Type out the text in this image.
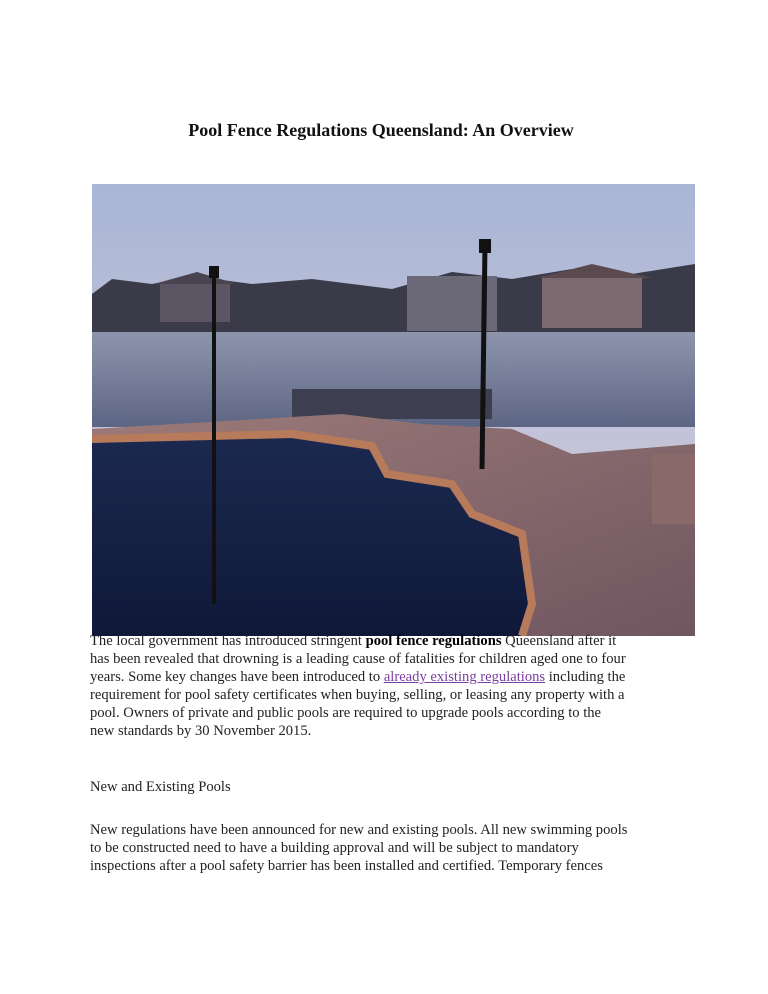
Pool Fence Regulations Queensland: An Overview
The local government has introduced stringent pool fence regulations Queensland after it
has been revealed that drowning is a leading cause of fatalities for children aged one to four
years. Some key changes have been introduced to already existing regulations including the
requirement for pool safety certificates when buying, selling, or leasing any property with a
pool. Owners of private and public pools are required to upgrade pools according to the
new standards by 30 November 2015.
New and Existing Pools
New regulations have been announced for new and existing pools. All new swimming pools
to be constructed need to have a building approval and will be subject to mandatory
inspections after a pool safety barrier has been installed and certified. Temporary fences
